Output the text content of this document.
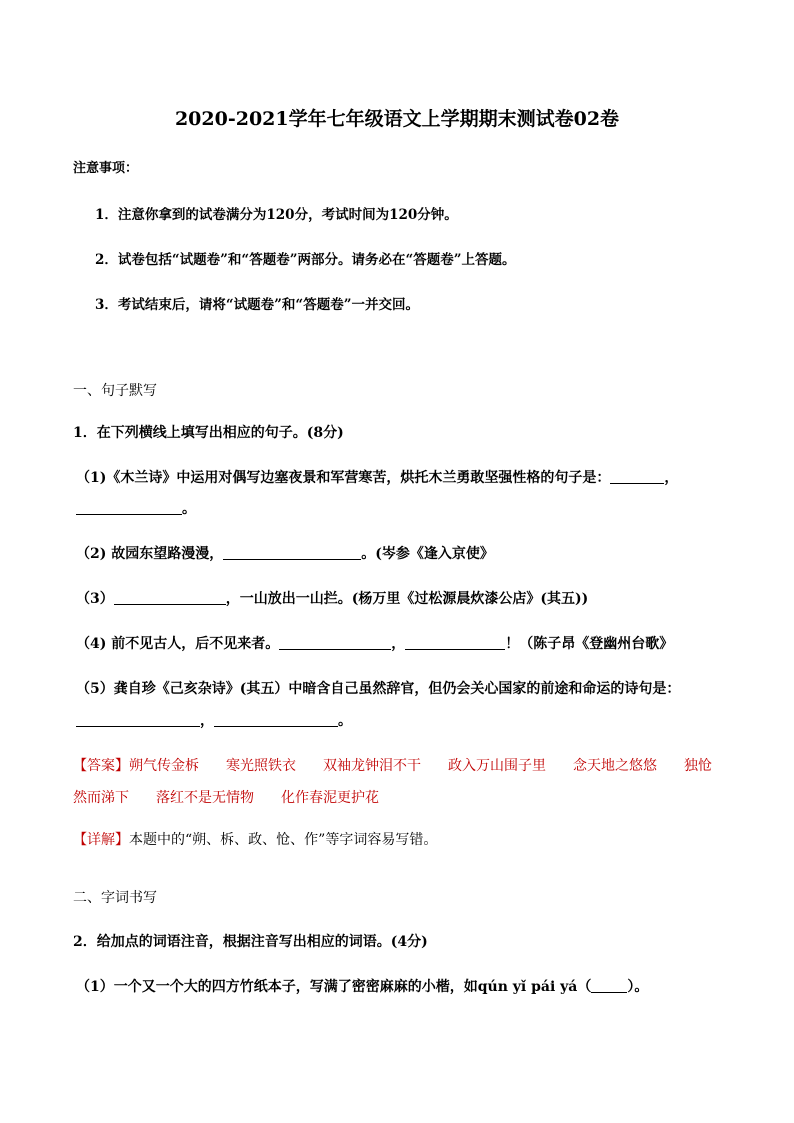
2020-2021学年七年级语文上学期期末测试卷02卷
注意事项：
1．注意你拿到的试卷满分为120分，考试时间为120分钟。
2．试卷包括“试题卷”和“答题卷”两部分。请务必在“答题卷”上答题。
3．考试结束后，请将“试题卷”和“答题卷”一并交回。
一、句子默写
1．在下列横线上填写出相应的句子。(8分)
（1)《木兰诗》中运用对偶写边塞夜景和军营寒苦，烘托木兰勇敢坚强性格的句子是：	，
。
（2) 故园东望路漫漫，	。(岑参《逢入京使》
（3）	，一山放出一山拦。(杨万里《过松源晨炊漆公店》(其五))
（4) 前不见古人，后不见来者。	，	！（陈子昂《登幽州台歌》
（5）龚自珍《己亥杂诗》(其五）中暗含自己虽然辞官，但仍会关心国家的前途和命运的诗句是：
，	。
【答案】朔气传金柝 寒光照铁衣 双袖龙钟泪不干 政入万山围子里 念天地之悠悠 独怆
然而涕下 落红不是无情物 化作春泥更护花
【详解】本题中的“朔、柝、政、怆、作”等字词容易写错。
二、字词书写
2．给加点的词语注音，根据注音写出相应的词语。(4分)
（1）一个又一个大的四方竹纸本子，写满了密密麻麻的小楷，如qún yǐ pái yá（	）。
